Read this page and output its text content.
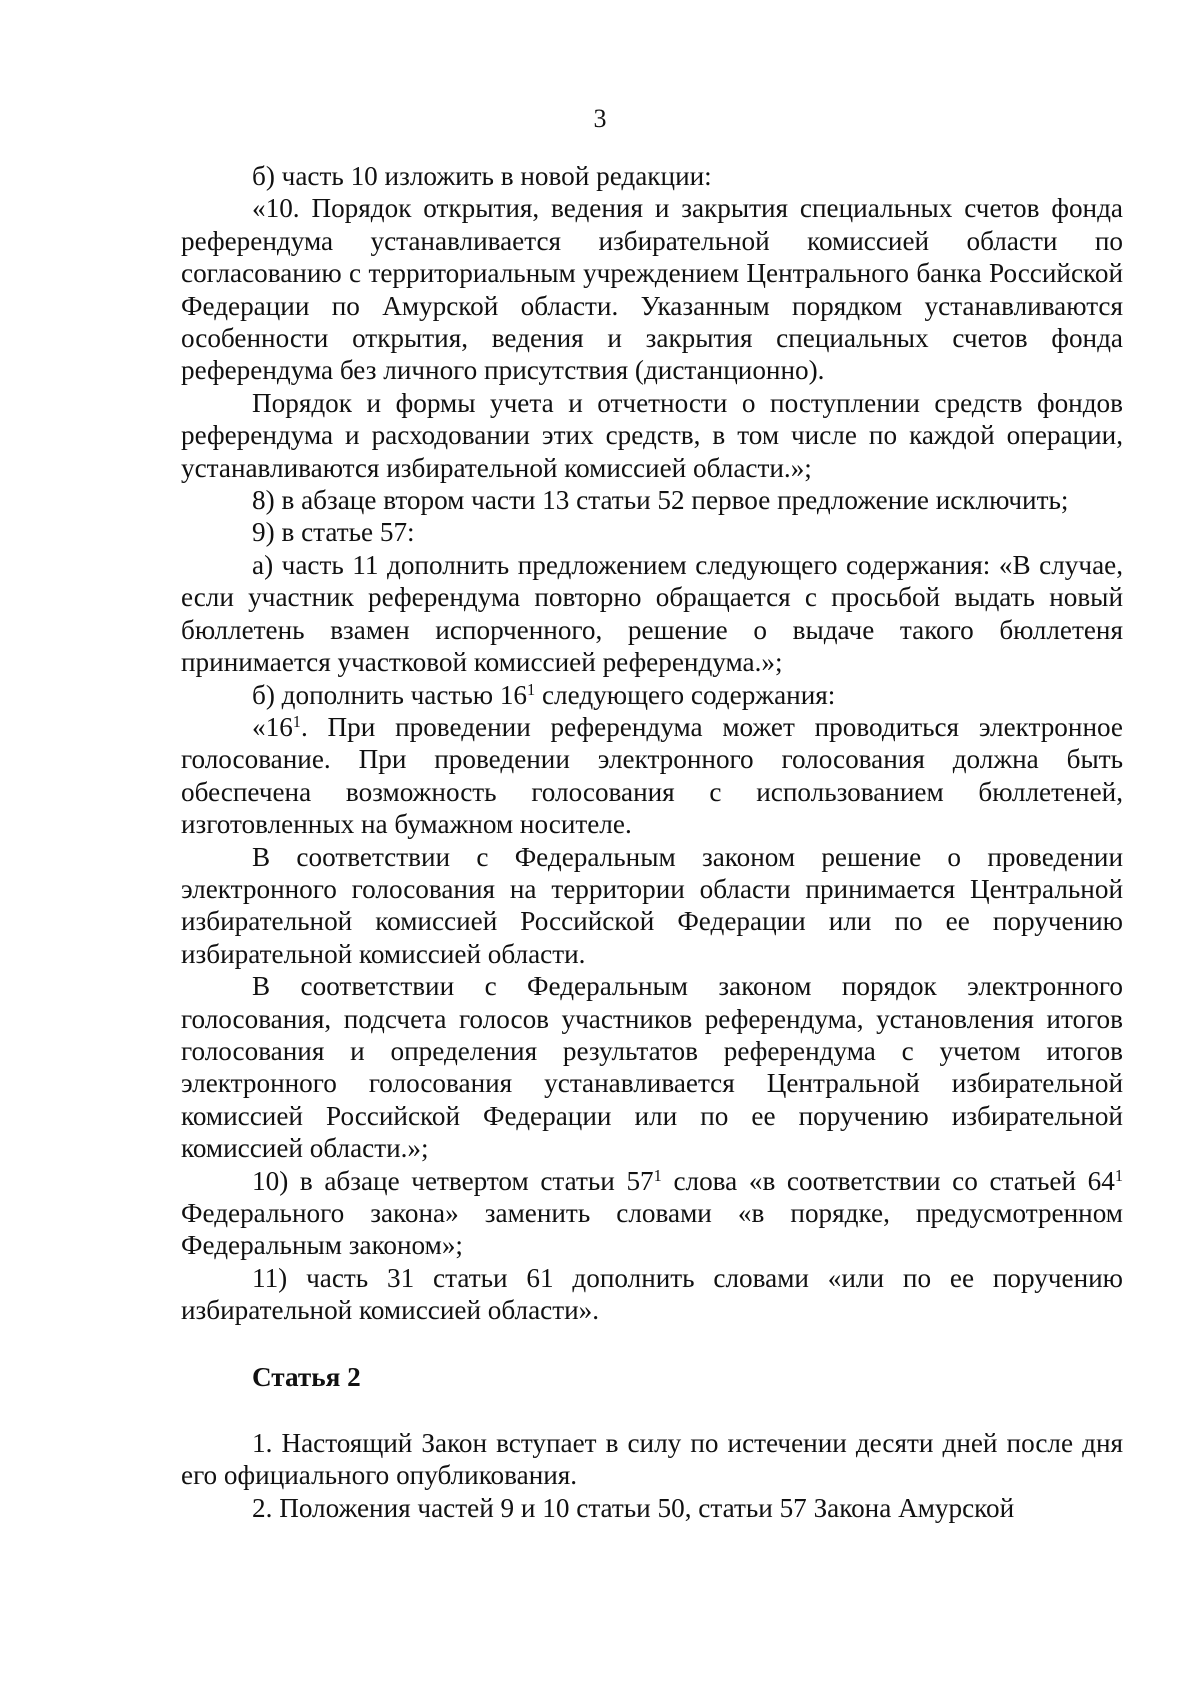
3

б) часть 10 изложить в новой редакции:

«10. Порядок открытия, ведения и закрытия специальных счетов фонда референдума устанавливается избирательной комиссией области по согласованию с территориальным учреждением Центрального банка Российской Федерации по Амурской области. Указанным порядком устанавливаются особенности открытия, ведения и закрытия специальных счетов фонда референдума без личного присутствия (дистанционно).

Порядок и формы учета и отчетности о поступлении средств фондов референдума и расходовании этих средств, в том числе по каждой операции, устанавливаются избирательной комиссией области.»;

8) в абзаце втором части 13 статьи 52 первое предложение исключить;

9) в статье 57:

а) часть 11 дополнить предложением следующего содержания: «В случае, если участник референдума повторно обращается с просьбой выдать новый бюллетень взамен испорченного, решение о выдаче такого бюллетеня принимается участковой комиссией референдума.»;

б) дополнить частью $16^1$ следующего содержания:

«$16^1$. При проведении референдума может проводиться электронное голосование. При проведении электронного голосования должна быть обеспечена возможность голосования с использованием бюллетеней, изготовленных на бумажном носителе.

В соответствии с Федеральным законом решение о проведении электронного голосования на территории области принимается Центральной избирательной комиссией Российской Федерации или по ее поручению избирательной комиссией области.

В соответствии с Федеральным законом порядок электронного голосования, подсчета голосов участников референдума, установления итогов голосования и определения результатов референдума с учетом итогов электронного голосования устанавливается Центральной избирательной комиссией Российской Федерации или по ее поручению избирательной комиссией области.»;

10) в абзаце четвертом статьи $57^1$ слова «в соответствии со статьей $64^1$ Федерального закона» заменить словами «в порядке, предусмотренном Федеральным законом»;

11) часть 31 статьи 61 дополнить словами «или по ее поручению избирательной комиссией области».

Статья 2

1. Настоящий Закон вступает в силу по истечении десяти дней после дня его официального опубликования.

2. Положения частей 9 и 10 статьи 50, статьи 57 Закона Амурской
